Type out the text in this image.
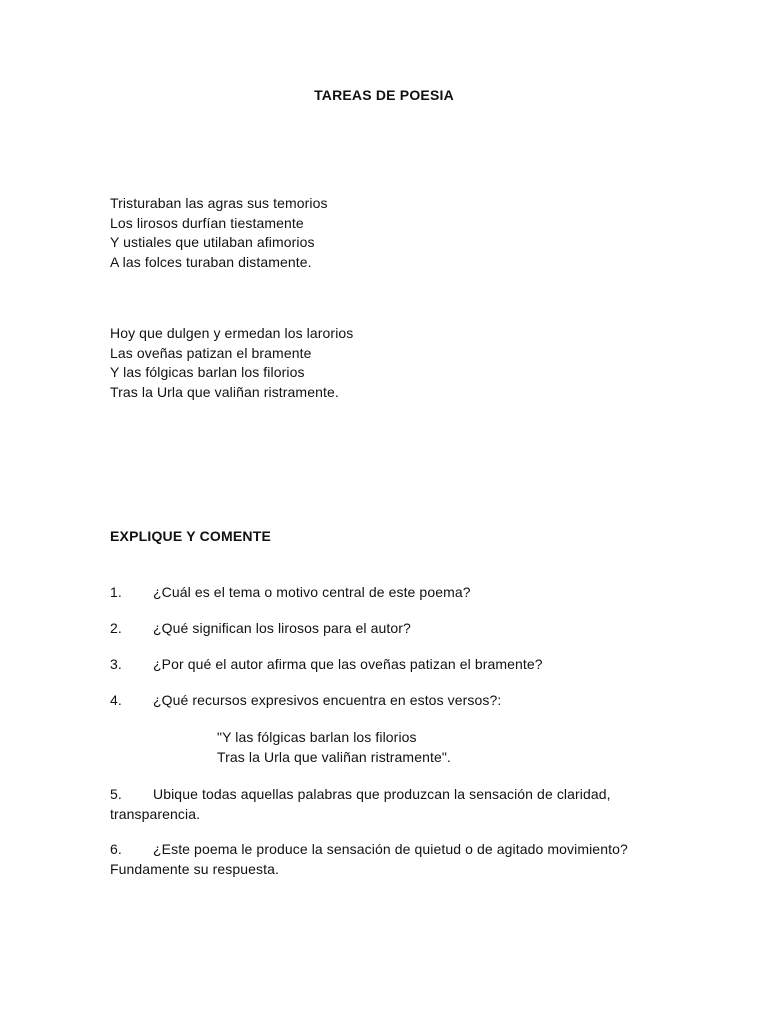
TAREAS DE POESIA
Tristuraban las agras sus temorios
Los lirosos durfían tiestamente
Y ustiales que utilaban afimorios
A las folces turaban distamente.
Hoy que dulgen y ermedan los larorios
Las oveñas patizan el bramente
Y las fólgicas barlan los filorios
Tras la Urla que valiñan ristramente.
EXPLIQUE Y COMENTE
1. ¿Cuál es el tema o motivo central de este poema?
2. ¿Qué significan los lirosos para el autor?
3. ¿Por qué el autor afirma que las oveñas patizan el bramente?
4. ¿Qué recursos expresivos encuentra en estos versos?:
"Y las fólgicas barlan los filorios
Tras la Urla que valiñan ristramente".
5. Ubique todas aquellas palabras que produzcan la sensación de claridad, transparencia.
6. ¿Este poema le produce la sensación de quietud o de agitado movimiento? Fundamente su respuesta.
